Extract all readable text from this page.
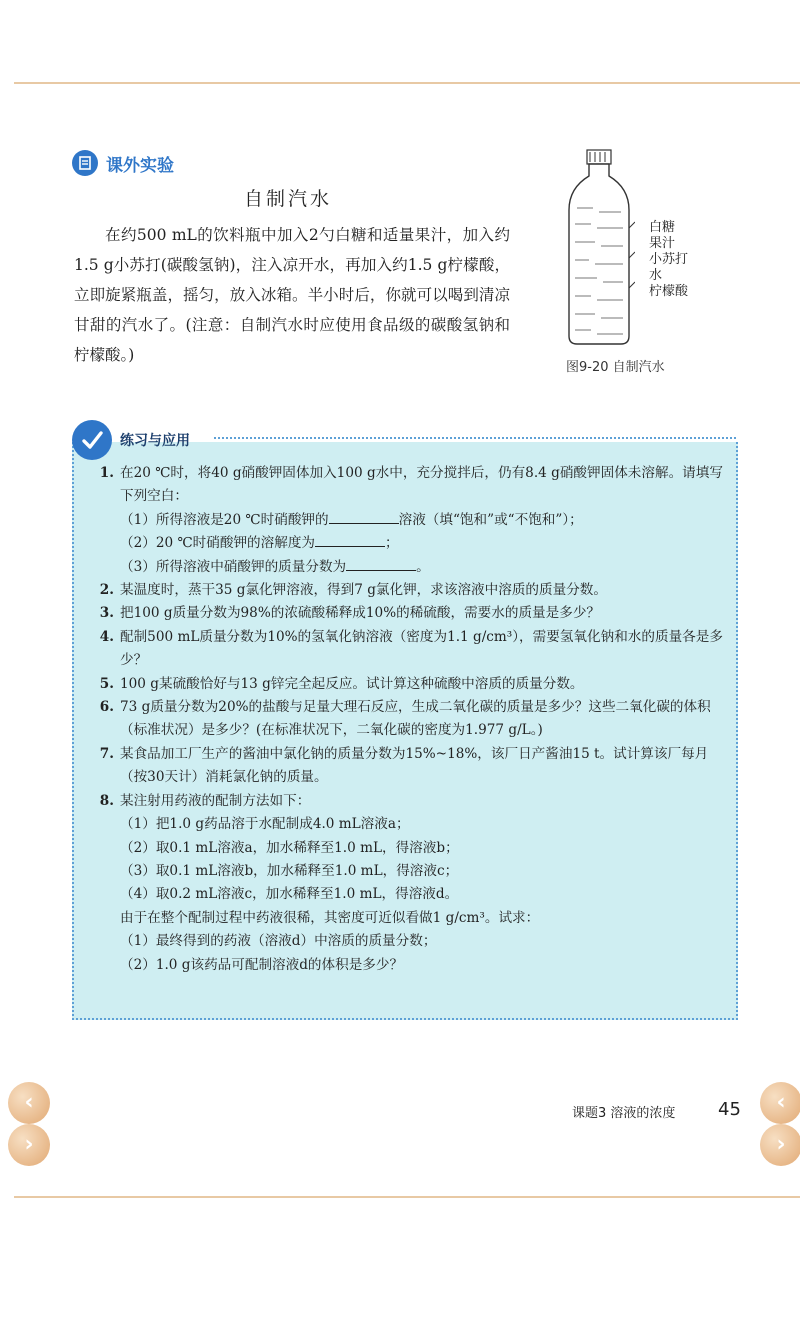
课外实验
自制汽水
在约500 mL的饮料瓶中加入2勺白糖和适量果汁，加入约1.5 g小苏打(碳酸氢钠)，注入凉开水，再加入约1.5 g柠檬酸，立即旋紧瓶盖，摇匀，放入冰箱。半小时后，你就可以喝到清凉甘甜的汽水了。(注意：自制汽水时应使用食品级的碳酸氢钠和柠檬酸。)
白糖
果汁
小苏打
水
柠檬酸
图9-20 自制汽水
练习与应用
1. 在20 ℃时，将40 g硝酸钾固体加入100 g水中，充分搅拌后，仍有8.4 g硝酸钾固体未溶解。请填写下列空白：
（1）所得溶液是20 ℃时硝酸钾的	溶液（填“饱和”或“不饱和”）；
（2）20 ℃时硝酸钾的溶解度为	；
（3）所得溶液中硝酸钾的质量分数为	。
2. 某温度时，蒸干35 g氯化钾溶液，得到7 g氯化钾，求该溶液中溶质的质量分数。
3. 把100 g质量分数为98%的浓硫酸稀释成10%的稀硫酸，需要水的质量是多少？
4. 配制500 mL质量分数为10%的氢氧化钠溶液（密度为1.1 g/cm³），需要氢氧化钠和水的质量各是多少？
5. 100 g某硫酸恰好与13 g锌完全起反应。试计算这种硫酸中溶质的质量分数。
6. 73 g质量分数为20%的盐酸与足量大理石反应，生成二氧化碳的质量是多少？这些二氧化碳的体积（标准状况）是多少？(在标准状况下，二氧化碳的密度为1.977 g/L。)
7. 某食品加工厂生产的酱油中氯化钠的质量分数为15%~18%，该厂日产酱油15 t。试计算该厂每月（按30天计）消耗氯化钠的质量。
8. 某注射用药液的配制方法如下：
（1）把1.0 g药品溶于水配制成4.0 mL溶液a；
（2）取0.1 mL溶液a，加水稀释至1.0 mL，得溶液b；
（3）取0.1 mL溶液b，加水稀释至1.0 mL，得溶液c；
（4）取0.2 mL溶液c，加水稀释至1.0 mL，得溶液d。
由于在整个配制过程中药液很稀，其密度可近似看做1 g/cm³。试求：
（1）最终得到的药液（溶液d）中溶质的质量分数；
（2）1.0 g该药品可配制溶液d的体积是多少？
课题3 溶液的浓度 45
‹
›
‹
›
